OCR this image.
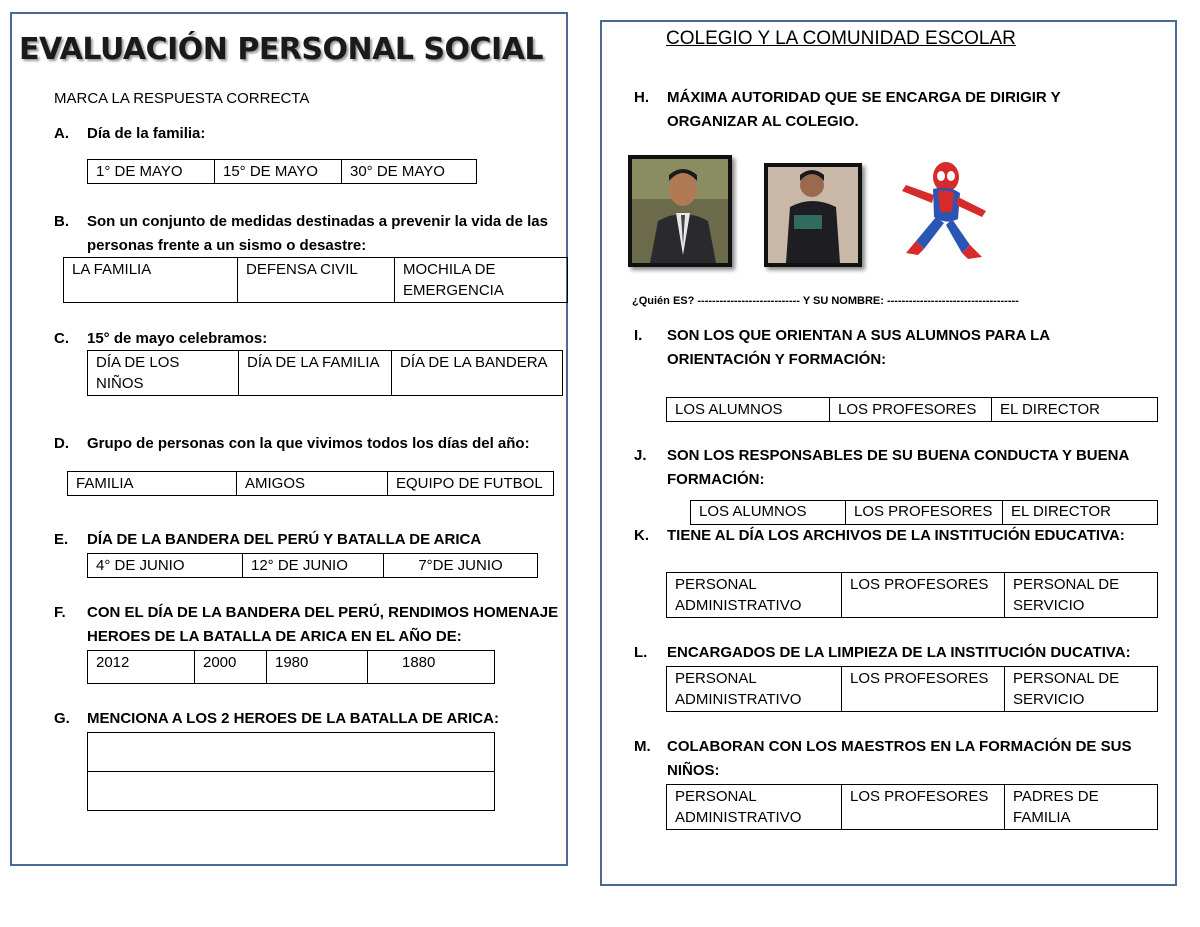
EVALUACIÓN PERSONAL SOCIAL
MARCA LA RESPUESTA CORRECTA
A. Día de la familia:
1° DE MAYO	15° DE MAYO	30° DE MAYO
B. Son un conjunto de medidas destinadas a prevenir la vida de las
personas frente a un sismo o desastre:
LA FAMILIA	DEFENSA CIVIL	MOCHILA DE EMERGENCIA
C. 15° de mayo celebramos:
DÍA DE LOS NIÑOS	DÍA DE LA FAMILIA	DÍA DE LA BANDERA
D. Grupo de personas con la que vivimos todos los días del año:
FAMILIA	AMIGOS	EQUIPO DE FUTBOL
E. DÍA DE LA BANDERA DEL PERÚ Y BATALLA DE ARICA
4° DE JUNIO	12° DE JUNIO	7°DE JUNIO
F. CON EL DÍA DE LA BANDERA DEL PERÚ, RENDIMOS HOMENAJE
HEROES DE LA BATALLA DE ARICA EN EL AÑO DE:
2012	2000	1980	1880
G. MENCIONA A LOS 2 HEROES DE LA BATALLA DE ARICA:

COLEGIO Y LA COMUNIDAD ESCOLAR
H. MÁXIMA AUTORIDAD QUE SE ENCARGA DE DIRIGIR Y
ORGANIZAR AL COLEGIO.
¿Quién ES? ---------------------------- Y SU NOMBRE: ------------------------------------
I. SON LOS QUE ORIENTAN A SUS ALUMNOS PARA LA
ORIENTACIÓN Y FORMACIÓN:
LOS ALUMNOS	LOS PROFESORES	EL DIRECTOR
J. SON LOS RESPONSABLES DE SU BUENA CONDUCTA Y BUENA
FORMACIÓN:
LOS ALUMNOS	LOS PROFESORES	EL DIRECTOR
K. TIENE AL DÍA LOS ARCHIVOS DE LA INSTITUCIÓN EDUCATIVA:
PERSONAL ADMINISTRATIVO	LOS PROFESORES	PERSONAL DE SERVICIO
L. ENCARGADOS DE LA LIMPIEZA DE LA INSTITUCIÓN DUCATIVA:
PERSONAL ADMINISTRATIVO	LOS PROFESORES	PERSONAL DE SERVICIO
M. COLABORAN CON LOS MAESTROS EN LA FORMACIÓN DE SUS
NIÑOS:
PERSONAL ADMINISTRATIVO	LOS PROFESORES	PADRES DE FAMILIA
